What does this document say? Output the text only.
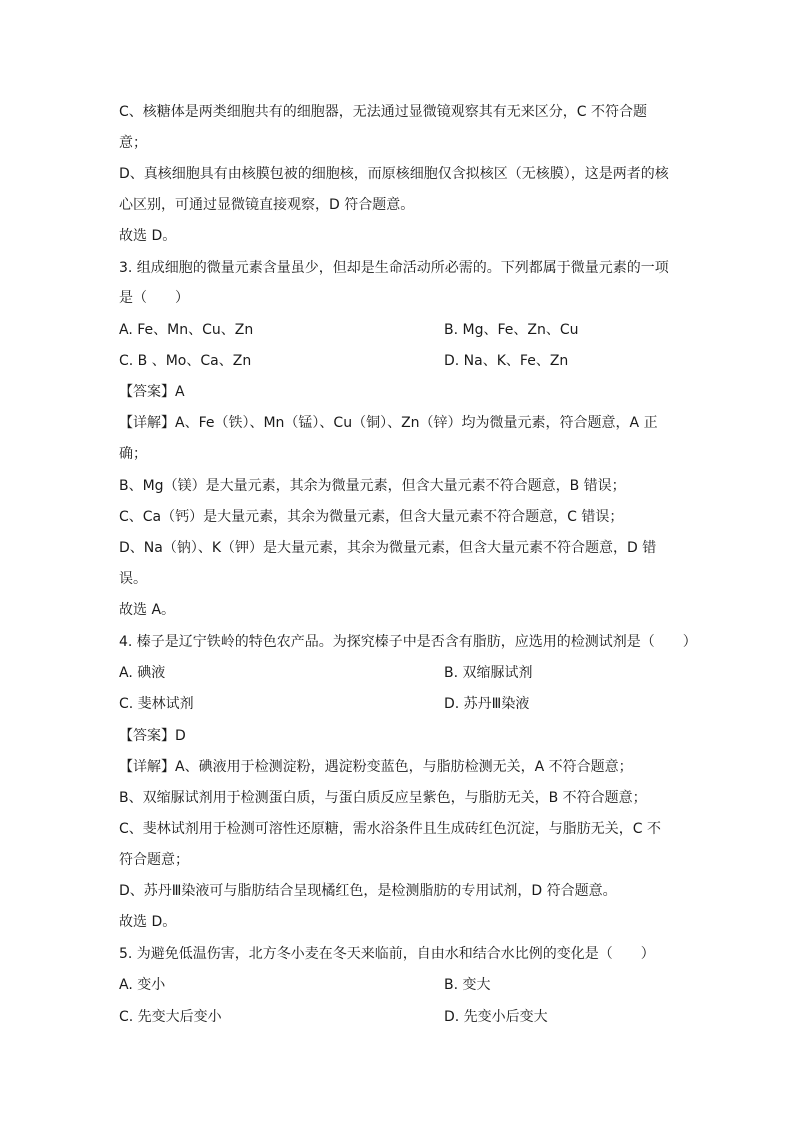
C、核糖体是两类细胞共有的细胞器，无法通过显微镜观察其有无来区分，C 不符合题
意；
D、真核细胞具有由核膜包被的细胞核，而原核细胞仅含拟核区（无核膜），这是两者的核
心区别，可通过显微镜直接观察，D 符合题意。
故选 D。
3. 组成细胞的微量元素含量虽少，但却是生命活动所必需的。下列都属于微量元素的一项
是（　　）
A. Fe、Mn、Cu、Zn	B. Mg、Fe、Zn、Cu
C. B 、Mo、Ca、Zn	D. Na、K、Fe、Zn
【答案】A
【详解】A、Fe（铁）、Mn（锰）、Cu（铜）、Zn（锌）均为微量元素，符合题意，A 正
确；
B、Mg（镁）是大量元素，其余为微量元素，但含大量元素不符合题意，B 错误；
C、Ca（钙）是大量元素，其余为微量元素，但含大量元素不符合题意，C 错误；
D、Na（钠）、K（钾）是大量元素，其余为微量元素，但含大量元素不符合题意，D 错
误。
故选 A。
4. 榛子是辽宁铁岭的特色农产品。为探究榛子中是否含有脂肪，应选用的检测试剂是（　　）
A. 碘液	B. 双缩脲试剂
C. 斐林试剂	D. 苏丹Ⅲ染液
【答案】D
【详解】A、碘液用于检测淀粉，遇淀粉变蓝色，与脂肪检测无关，A 不符合题意；
B、双缩脲试剂用于检测蛋白质，与蛋白质反应呈紫色，与脂肪无关，B 不符合题意；
C、斐林试剂用于检测可溶性还原糖，需水浴条件且生成砖红色沉淀，与脂肪无关，C 不
符合题意；
D、苏丹Ⅲ染液可与脂肪结合呈现橘红色，是检测脂肪的专用试剂，D 符合题意。
故选 D。
5. 为避免低温伤害，北方冬小麦在冬天来临前，自由水和结合水比例的变化是（　　）
A. 变小	B. 变大
C. 先变大后变小	D. 先变小后变大
